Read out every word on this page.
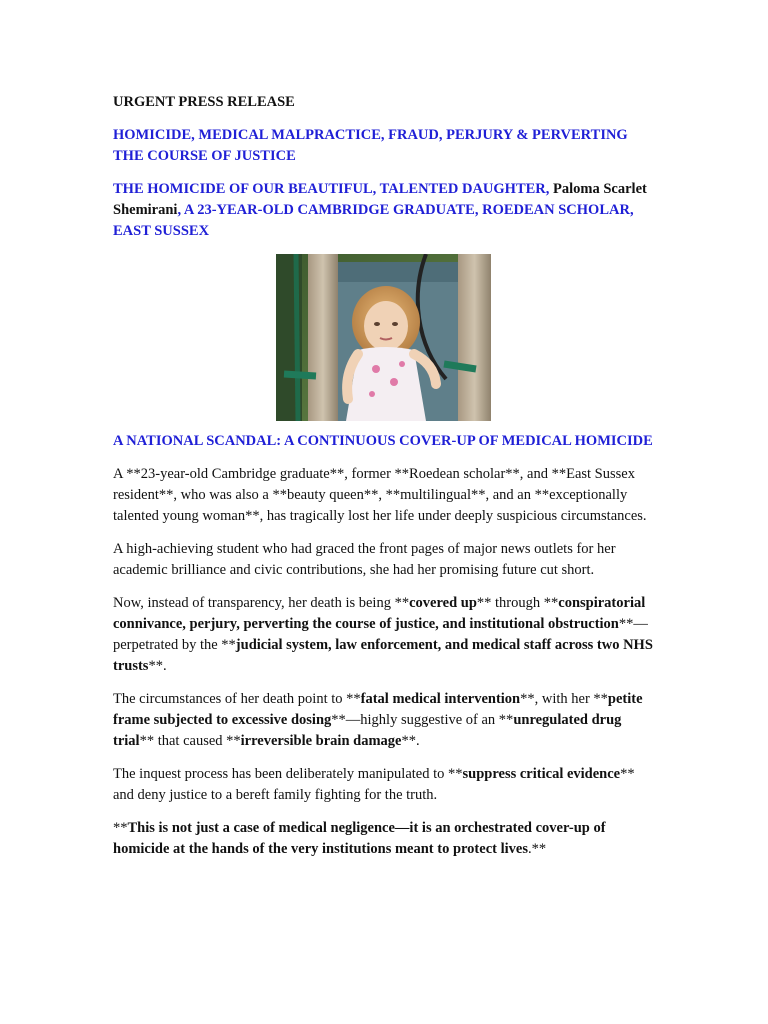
URGENT PRESS RELEASE

HOMICIDE, MEDICAL MALPRACTICE, FRAUD, PERJURY & PERVERTING THE COURSE OF JUSTICE

THE HOMICIDE OF OUR BEAUTIFUL, TALENTED DAUGHTER, Paloma Scarlet Shemirani, A 23-YEAR-OLD CAMBRIDGE GRADUATE, ROEDEAN SCHOLAR, EAST SUSSEX

A NATIONAL SCANDAL: A CONTINUOUS COVER-UP OF MEDICAL HOMICIDE

A **23-year-old Cambridge graduate**, former **Roedean scholar**, and **East Sussex resident**, who was also a **beauty queen**, **multilingual**, and an **exceptionally talented young woman**, has tragically lost her life under deeply suspicious circumstances.

A high-achieving student who had graced the front pages of major news outlets for her academic brilliance and civic contributions, she had her promising future cut short.

Now, instead of transparency, her death is being **covered up** through **conspiratorial connivance, perjury, perverting the course of justice, and institutional obstruction**—perpetrated by the **judicial system, law enforcement, and medical staff across two NHS trusts**.

The circumstances of her death point to **fatal medical intervention**, with her **petite frame subjected to excessive dosing**—highly suggestive of an **unregulated drug trial** that caused **irreversible brain damage**.

The inquest process has been deliberately manipulated to **suppress critical evidence** and deny justice to a bereft family fighting for the truth.

**This is not just a case of medical negligence—it is an orchestrated cover-up of homicide at the hands of the very institutions meant to protect lives.**
